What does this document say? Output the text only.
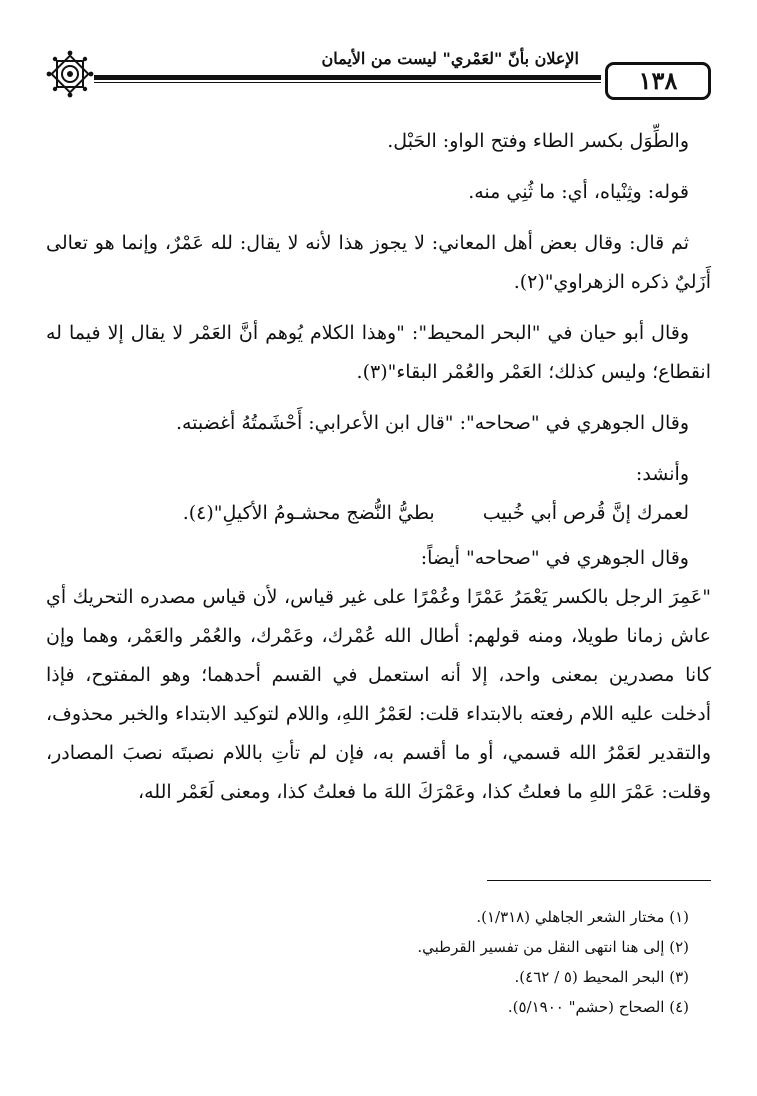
الإعلان بأنّ "لعَمْري" ليست من الأيمان
١٣٨

والطِّوَل بكسر الطاء وفتح الواو: الحَبْل.

قوله: وثِنْياه، أي: ما ثُنِي منه.

ثم قال: وقال بعض أهل المعاني: لا يجوز هذا لأنه لا يقال: لله عَمْرٌ، وإنما هو تعالى أَزَليٌ ذكره الزهراوي"(٢).

وقال أبو حيان في "البحر المحيط": "وهذا الكلام يُوهم أنَّ العَمْر لا يقال إلا فيما له انقطاع؛ وليس كذلك؛ العَمْر والعُمْر البقاء"(٣).

وقال الجوهري في "صحاحه": "قال ابن الأعرابي: أَحْشَمتُهُ أغضبته.

وأنشد:

لعمرك إنَّ قُرص أبي خُبيب
بطيُّ النُّضج محشـومُ الأكيلِ"(٤).

وقال الجوهري في "صحاحه" أيضاً:

"عَمِرَ الرجل بالكسر يَعْمَرُ عَمْرًا وعُمْرًا على غير قياس، لأن قياس مصدره التحريك أي عاش زمانا طويلا، ومنه قولهم: أطال الله عُمْرك، وعَمْرك، والعُمْر والعَمْر، وهما وإن كانا مصدرين بمعنى واحد، إلا أنه استعمل في القسم أحدهما؛ وهو المفتوح، فإذا أدخلت عليه اللام رفعته بالابتداء قلت: لعَمْرُ اللهِ، واللام لتوكيد الابتداء والخبر محذوف، والتقدير لعَمْرُ الله قسمي، أو ما أقسم به، فإن لم تأتِ باللام نصبتَه نصبَ المصادر، وقلت: عَمْرَ اللهِ ما فعلتُ كذا، وعَمْرَكَ اللهَ ما فعلتُ كذا، ومعنى لَعَمْر الله،

(١) مختار الشعر الجاهلي (١/٣١٨).
(٢) إلى هنا انتهى النقل من تفسير القرطبي.
(٣) البحر المحيط (٥ / ٤٦٢).
(٤) الصحاح (حشم" ٥/١٩٠٠).
